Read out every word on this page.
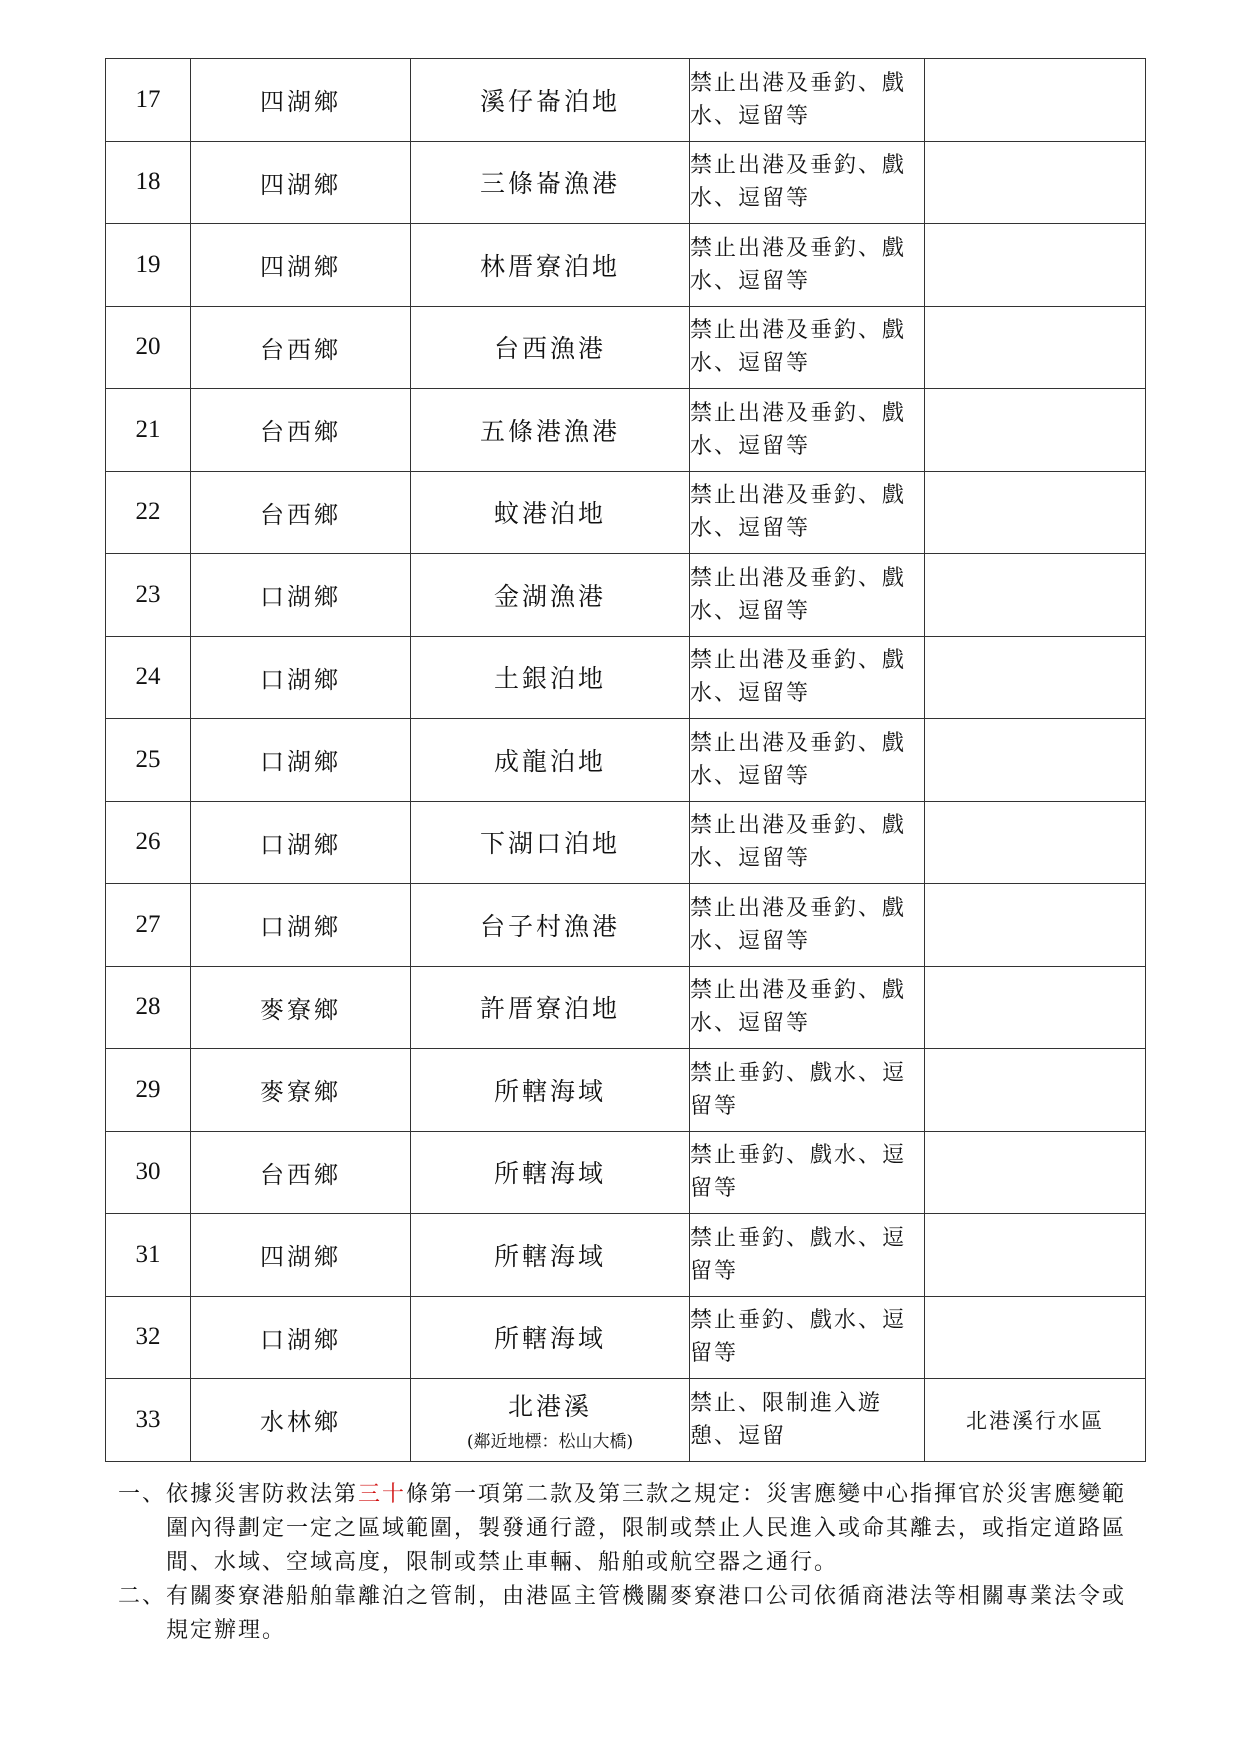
17	四湖鄉	溪仔崙泊地	禁止出港及垂釣、戲水、逗留等	
18	四湖鄉	三條崙漁港	禁止出港及垂釣、戲水、逗留等	
19	四湖鄉	林厝寮泊地	禁止出港及垂釣、戲水、逗留等	
20	台西鄉	台西漁港	禁止出港及垂釣、戲水、逗留等	
21	台西鄉	五條港漁港	禁止出港及垂釣、戲水、逗留等	
22	台西鄉	蚊港泊地	禁止出港及垂釣、戲水、逗留等	
23	口湖鄉	金湖漁港	禁止出港及垂釣、戲水、逗留等	
24	口湖鄉	土銀泊地	禁止出港及垂釣、戲水、逗留等	
25	口湖鄉	成龍泊地	禁止出港及垂釣、戲水、逗留等	
26	口湖鄉	下湖口泊地	禁止出港及垂釣、戲水、逗留等	
27	口湖鄉	台子村漁港	禁止出港及垂釣、戲水、逗留等	
28	麥寮鄉	許厝寮泊地	禁止出港及垂釣、戲水、逗留等	
29	麥寮鄉	所轄海域	禁止垂釣、戲水、逗留等	
30	台西鄉	所轄海域	禁止垂釣、戲水、逗留等	
31	四湖鄉	所轄海域	禁止垂釣、戲水、逗留等	
32	口湖鄉	所轄海域	禁止垂釣、戲水、逗留等	
33	水林鄉	北港溪
(鄰近地標：松山大橋)	禁止、限制進入遊憩、逗留	北港溪行水區
一、 依據災害防救法第三十條第一項第二款及第三款之規定：災害應變中心指揮官於災害應變範圍內得劃定一定之區域範圍，製發通行證，限制或禁止人民進入或命其離去，或指定道路區間、水域、空域高度，限制或禁止車輛、船舶或航空器之通行。
二、 有關麥寮港船舶靠離泊之管制，由港區主管機關麥寮港口公司依循商港法等相關專業法令或規定辦理。
